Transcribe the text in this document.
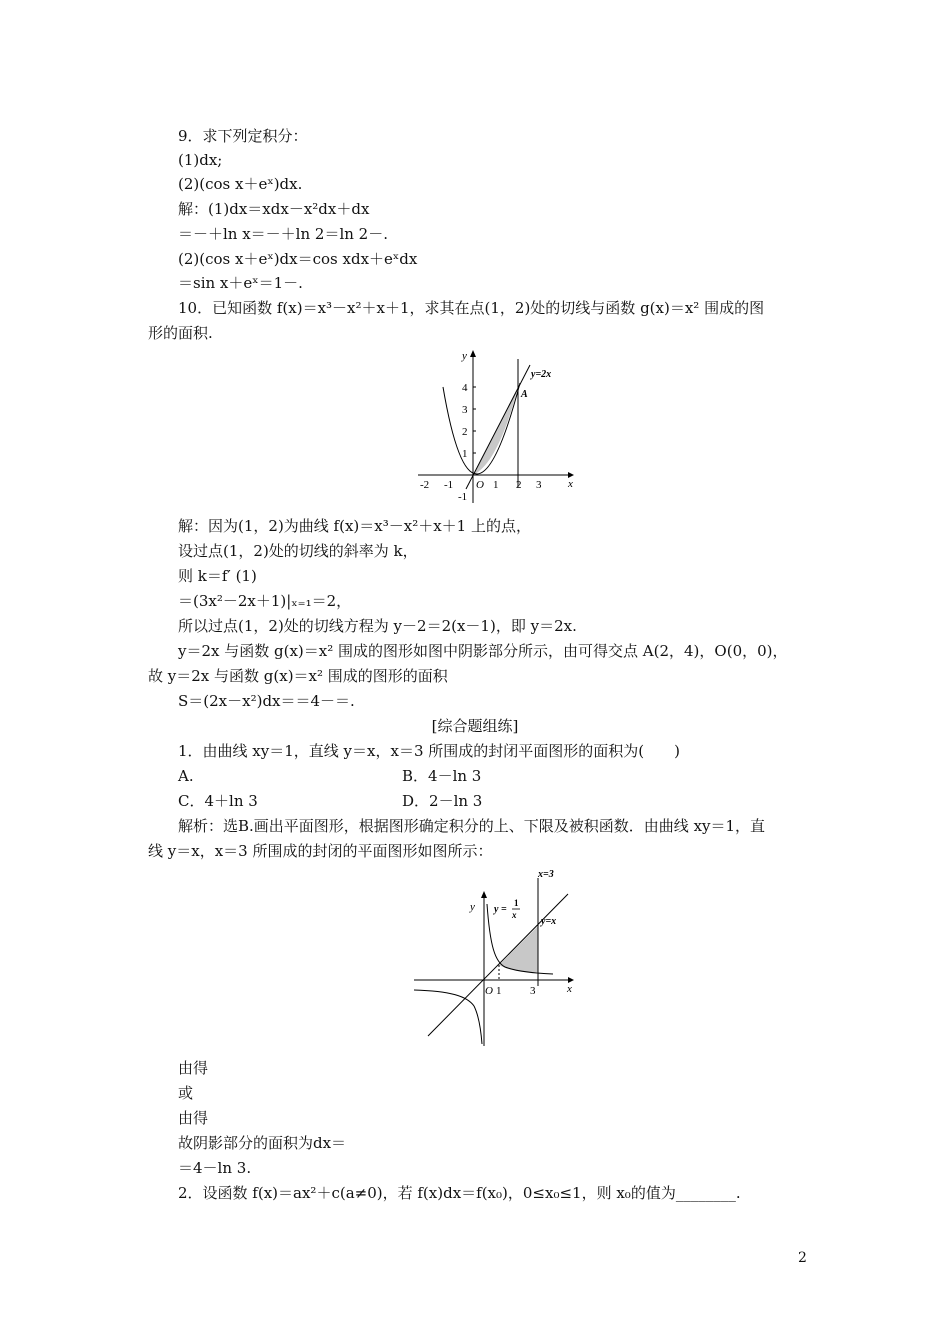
9．求下列定积分：
(1)dx;
(2)(cos x＋eˣ)dx.
解：(1)dx＝xdx－x²dx＋dx
＝－＋ln x＝－＋ln 2＝ln 2－.
(2)(cos x＋eˣ)dx＝cos xdx＋eˣdx
＝sin x＋eˣ＝1－.
10．已知函数 f(x)＝x³－x²＋x＋1，求其在点(1，2)处的切线与函数 g(x)＝x² 围成的图
形的面积.
y
x
y=2x
A
O
4
3
2
1
-1
-2 -1	1 2 3
解：因为(1，2)为曲线 f(x)＝x³－x²＋x＋1 上的点，
设过点(1，2)处的切线的斜率为 k，
则 k＝f′ (1)
＝(3x²－2x＋1)|ₓ₌₁＝2，
所以过点(1，2)处的切线方程为 y－2＝2(x－1)，即 y＝2x.
y＝2x 与函数 g(x)＝x² 围成的图形如图中阴影部分所示，由可得交点 A(2，4)，O(0，0)，
故 y＝2x 与函数 g(x)＝x² 围成的图形的面积
S＝(2x－x²)dx＝＝4－＝.
[综合题组练]
1．由曲线 xy＝1，直线 y＝x，x＝3 所围成的封闭平面图形的面积为(　　)
A.	B．4－ln 3
C．4＋ln 3	D．2－ln 3
解析：选B.画出平面图形，根据图形确定积分的上、下限及被积函数．由曲线 xy＝1，直
线 y＝x，x＝3 所围成的封闭的平面图形如图所示：
x=3
y
x
y =
1
x
y=x
O 1	3
由得
或
由得
故阴影部分的面积为dx＝
＝4－ln 3.
2．设函数 f(x)＝ax²＋c(a≠0)，若 f(x)dx＝f(x₀)，0≤x₀≤1，则 x₀的值为________.
2
